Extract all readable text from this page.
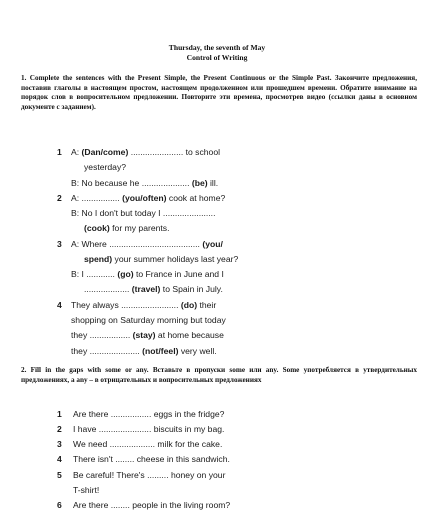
Thursday, the seventh of May
Control of Writing
1. Complete the sentences with the Present Simple, the Present Continuous or the Simple Past. Закончите предложения, поставив глаголы в настоящем простом, настоящем продолженном или прошедшем времени. Обратите внимание на порядок слов в вопросительном предложении. Повторите эти времена, просмотрев видео (ссылки даны в основном документе с заданием).
1 A: (Dan/come) ...................... to school
yesterday?
B: No because he .................... (be) ill.
2 A: ................ (you/often) cook at home?
B: No I don't but today I ......................
(cook) for my parents.
3 A: Where ...................................... (you/
spend) your summer holidays last year?
B: I ............ (go) to France in June and I
................... (travel) to Spain in July.
4 They always ........................ (do) their
shopping on Saturday morning but today
they ................. (stay) at home because
they ..................... (not/feel) very well.
2. Fill in the gaps with some or any. Вставьте в пропуски some или any. Some употребляется в утвердительных предложениях, a any – в отрицательных и вопросительных предложениях
1 Are there ................. eggs in the fridge?
2 I have ...................... biscuits in my bag.
3 We need ................... milk for the cake.
4 There isn't ........ cheese in this sandwich.
5 Be careful! There's ......... honey on your
T-shirt!
6 Are there ........ people in the living room?
